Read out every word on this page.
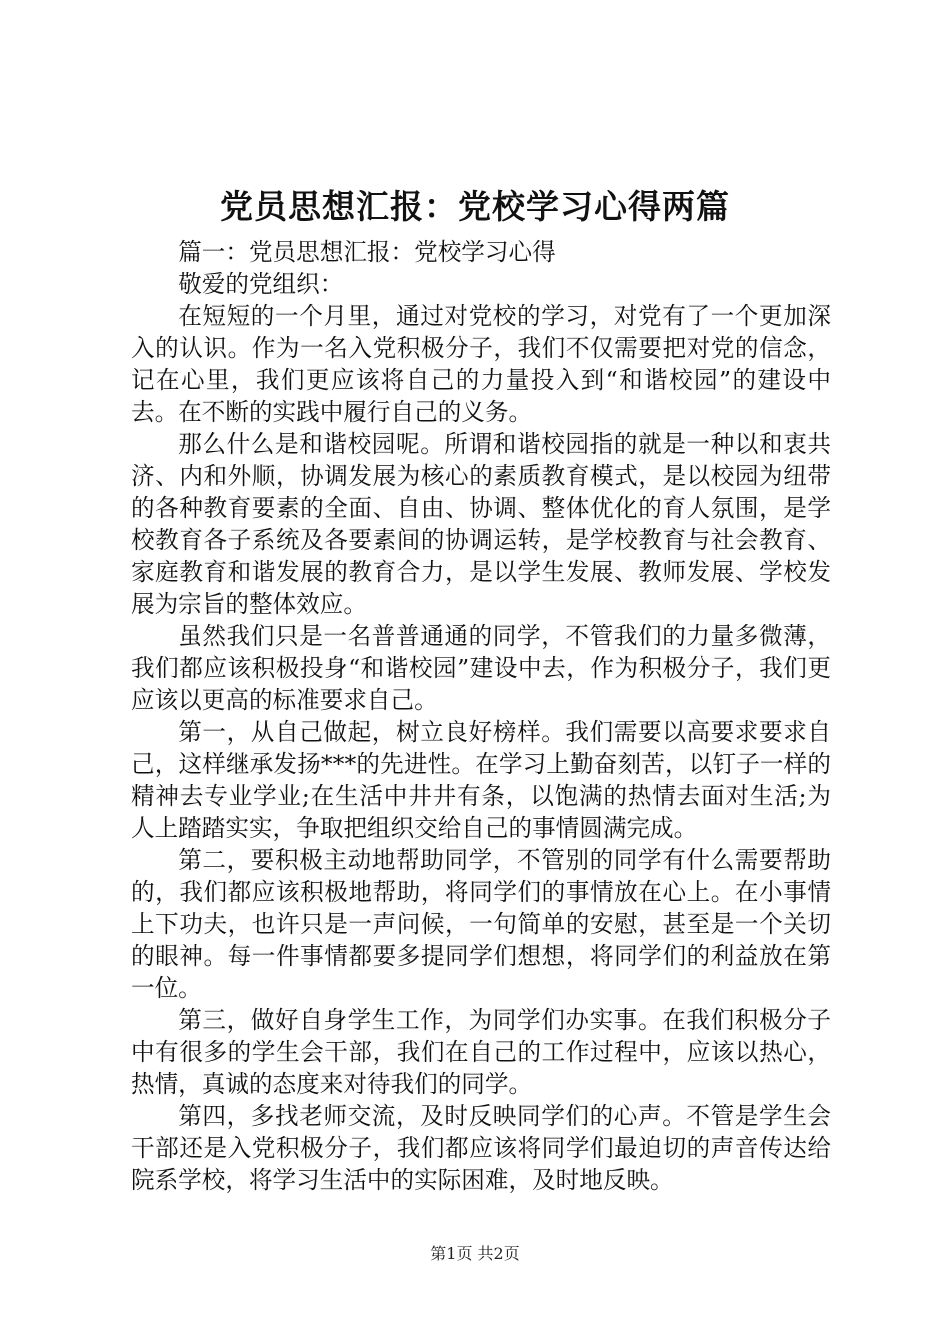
党员思想汇报：党校学习心得两篇

篇一：党员思想汇报：党校学习心得

敬爱的党组织：

在短短的一个月里，通过对党校的学习，对党有了一个更加深入的认识。作为一名入党积极分子，我们不仅需要把对党的信念，记在心里，我们更应该将自己的力量投入到“和谐校园”的建设中去。在不断的实践中履行自己的义务。

那么什么是和谐校园呢。所谓和谐校园指的就是一种以和衷共济、内和外顺，协调发展为核心的素质教育模式，是以校园为纽带的各种教育要素的全面、自由、协调、整体优化的育人氛围，是学校教育各子系统及各要素间的协调运转，是学校教育与社会教育、家庭教育和谐发展的教育合力，是以学生发展、教师发展、学校发展为宗旨的整体效应。

虽然我们只是一名普普通通的同学，不管我们的力量多微薄，我们都应该积极投身“和谐校园”建设中去，作为积极分子，我们更应该以更高的标准要求自己。

第一，从自己做起，树立良好榜样。我们需要以高要求要求自己，这样继承发扬***的先进性。在学习上勤奋刻苦，以钉子一样的精神去专业学业;在生活中井井有条，以饱满的热情去面对生活;为人上踏踏实实，争取把组织交给自己的事情圆满完成。

第二，要积极主动地帮助同学，不管别的同学有什么需要帮助的，我们都应该积极地帮助，将同学们的事情放在心上。在小事情上下功夫，也许只是一声问候，一句简单的安慰，甚至是一个关切的眼神。每一件事情都要多提同学们想想，将同学们的利益放在第一位。

第三，做好自身学生工作，为同学们办实事。在我们积极分子中有很多的学生会干部，我们在自己的工作过程中，应该以热心，热情，真诚的态度来对待我们的同学。

第四，多找老师交流，及时反映同学们的心声。不管是学生会干部还是入党积极分子，我们都应该将同学们最迫切的声音传达给院系学校，将学习生活中的实际困难，及时地反映。

第1页 共2页
